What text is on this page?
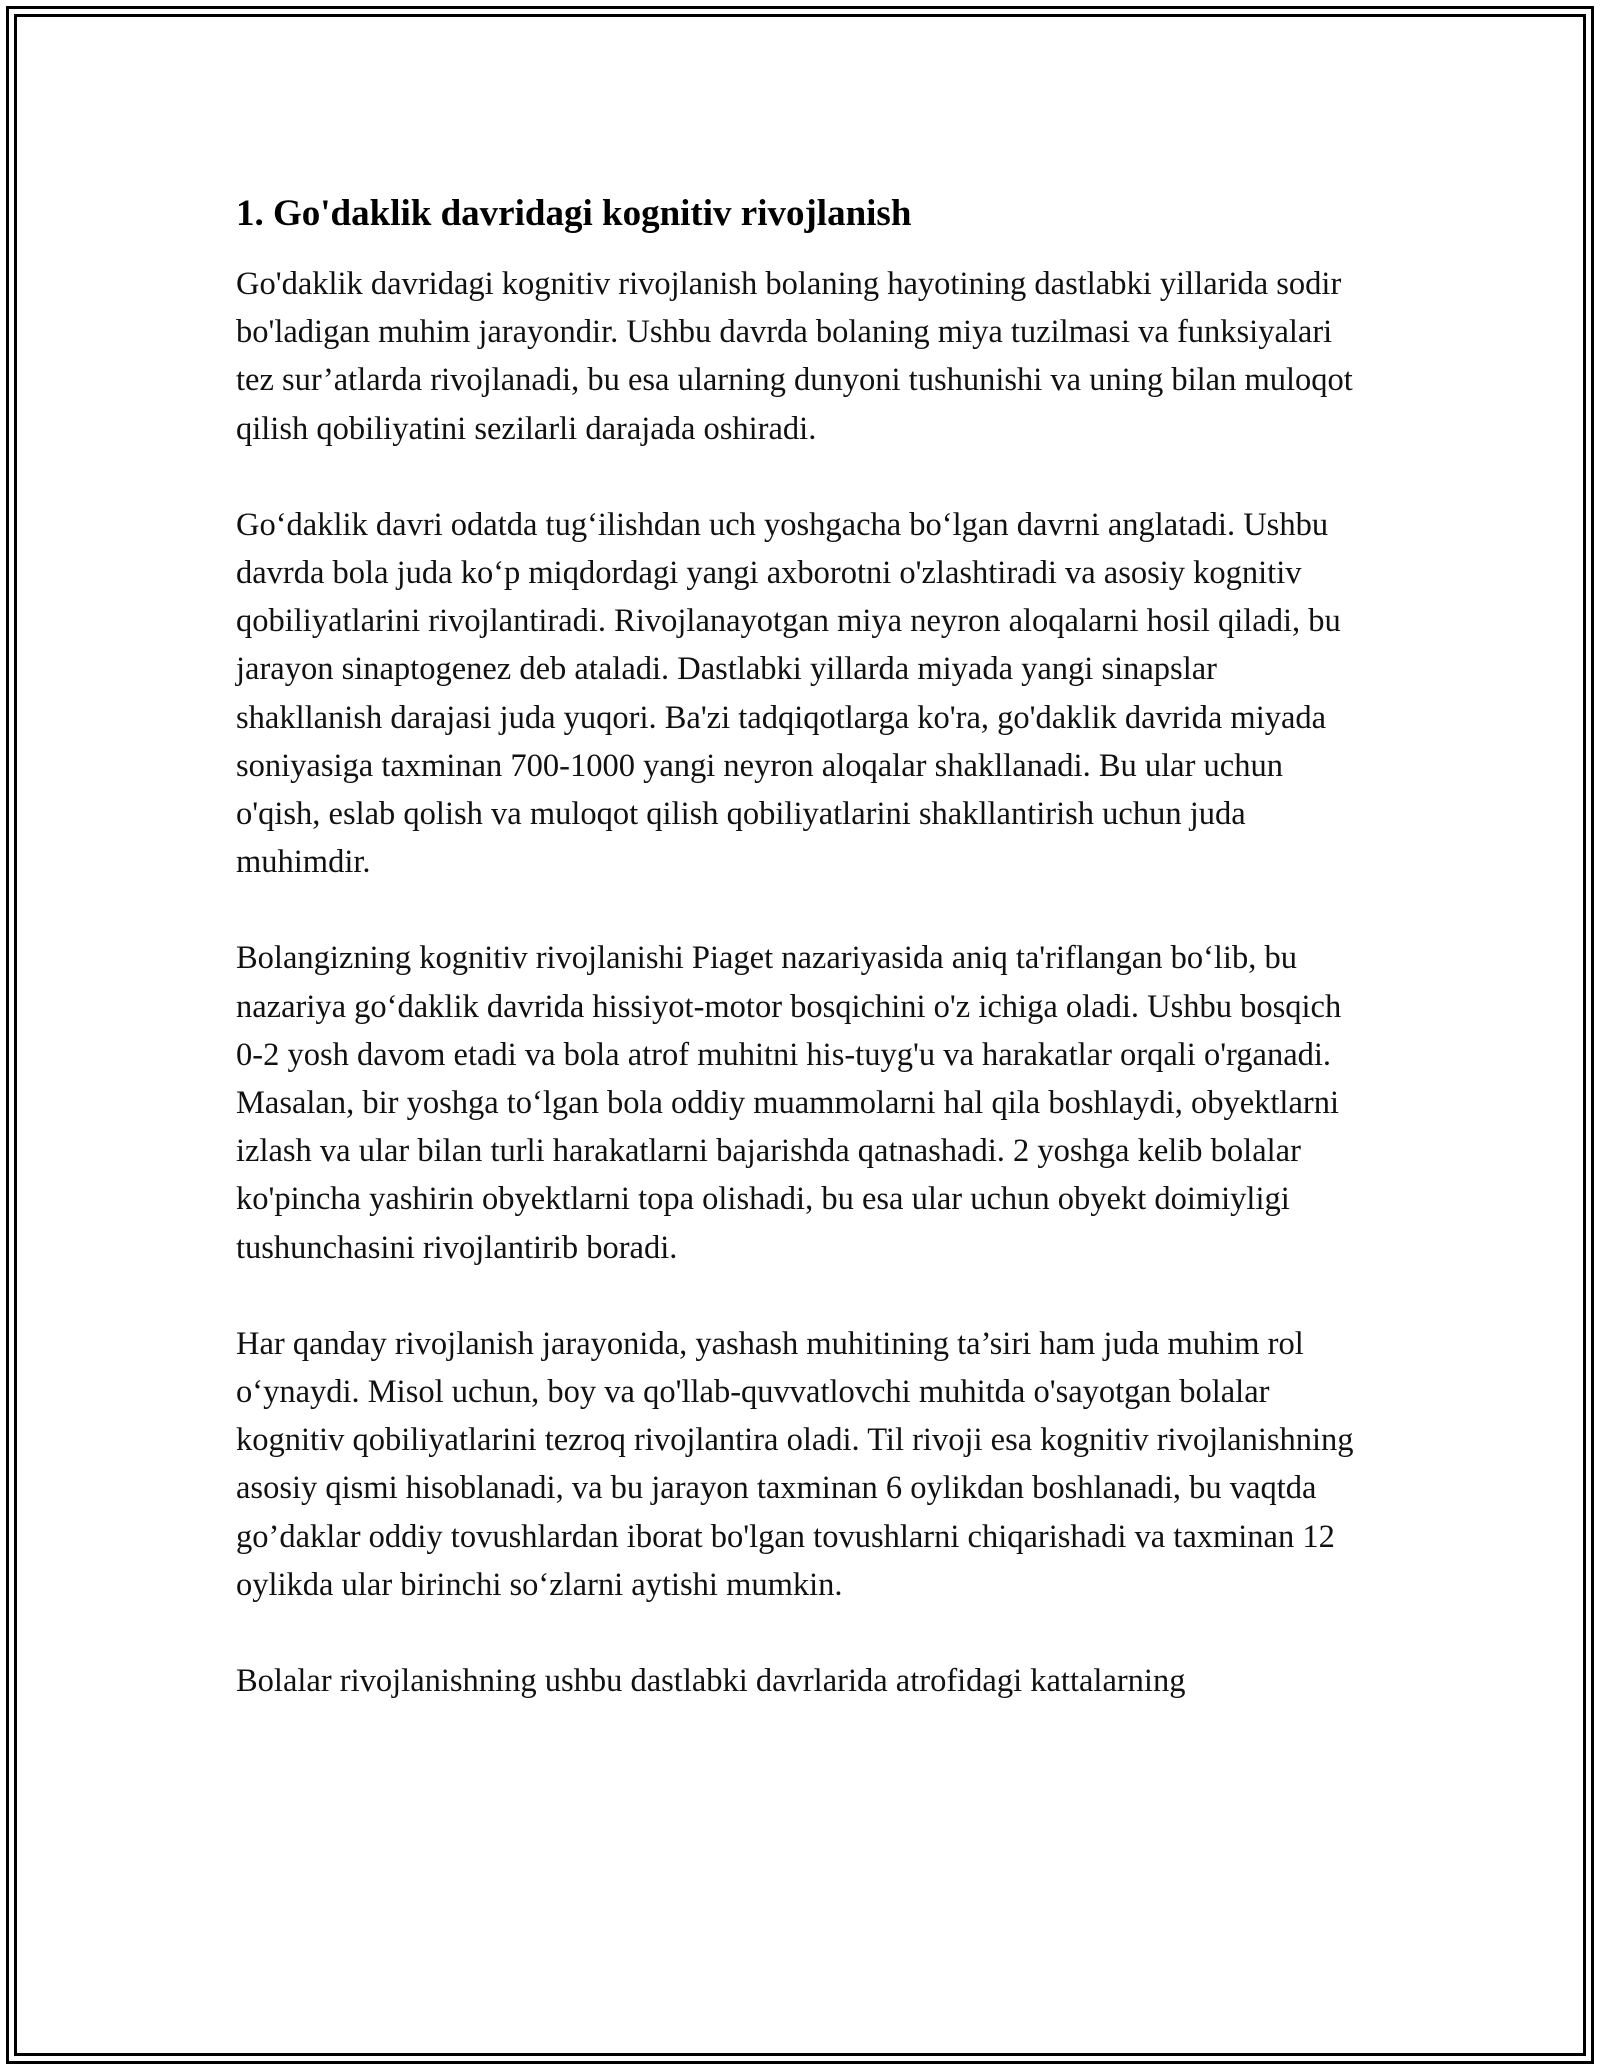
1. Go'daklik davridagi kognitiv rivojlanish

Go'daklik davridagi kognitiv rivojlanish bolaning hayotining dastlabki yillarida sodir bo'ladigan muhim jarayondir. Ushbu davrda bolaning miya tuzilmasi va funksiyalari tez sur’atlarda rivojlanadi, bu esa ularning dunyoni tushunishi va uning bilan muloqot qilish qobiliyatini sezilarli darajada oshiradi.

Go‘daklik davri odatda tug‘ilishdan uch yoshgacha bo‘lgan davrni anglatadi. Ushbu davrda bola juda ko‘p miqdordagi yangi axborotni o'zlashtiradi va asosiy kognitiv qobiliyatlarini rivojlantiradi. Rivojlanayotgan miya neyron aloqalarni hosil qiladi, bu jarayon sinaptogenez deb ataladi. Dastlabki yillarda miyada yangi sinapslar shakllanish darajasi juda yuqori. Ba'zi tadqiqotlarga ko'ra, go'daklik davrida miyada soniyasiga taxminan 700-1000 yangi neyron aloqalar shakllanadi. Bu ular uchun o'qish, eslab qolish va muloqot qilish qobiliyatlarini shakllantirish uchun juda muhimdir.

Bolangizning kognitiv rivojlanishi Piaget nazariyasida aniq ta'riflangan bo‘lib, bu nazariya go‘daklik davrida hissiyot-motor bosqichini o'z ichiga oladi. Ushbu bosqich 0-2 yosh davom etadi va bola atrof muhitni his-tuyg'u va harakatlar orqali o'rganadi. Masalan, bir yoshga to‘lgan bola oddiy muammolarni hal qila boshlaydi, obyektlarni izlash va ular bilan turli harakatlarni bajarishda qatnashadi. 2 yoshga kelib bolalar ko'pincha yashirin obyektlarni topa olishadi, bu esa ular uchun obyekt doimiyligi tushunchasini rivojlantirib boradi.

Har qanday rivojlanish jarayonida, yashash muhitining ta’siri ham juda muhim rol o‘ynaydi. Misol uchun, boy va qo'llab-quvvatlovchi muhitda o'sayotgan bolalar kognitiv qobiliyatlarini tezroq rivojlantira oladi. Til rivoji esa kognitiv rivojlanishning asosiy qismi hisoblanadi, va bu jarayon taxminan 6 oylikdan boshlanadi, bu vaqtda go’daklar oddiy tovushlardan iborat bo'lgan tovushlarni chiqarishadi va taxminan 12 oylikda ular birinchi so‘zlarni aytishi mumkin.

Bolalar rivojlanishning ushbu dastlabki davrlarida atrofidagi kattalarning
